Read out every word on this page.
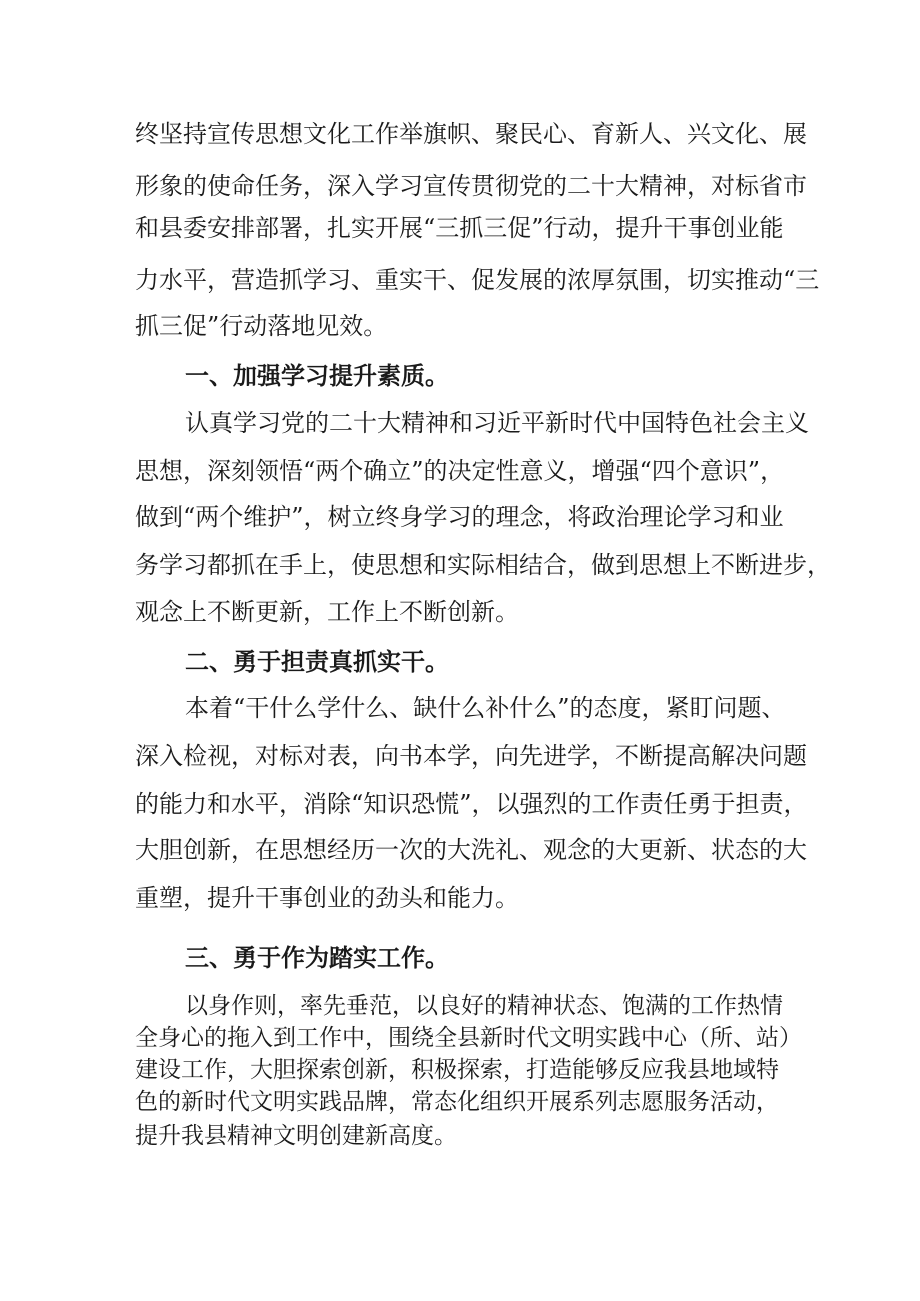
终坚持宣传思想文化工作举旗帜、聚民心、育新人、兴文化、展
形象的使命任务，深入学习宣传贯彻党的二十大精神，对标省市
和县委安排部署，扎实开展“三抓三促”行动，提升干事创业能
力水平，营造抓学习、重实干、促发展的浓厚氛围，切实推动“三
抓三促”行动落地见效。
一、加强学习提升素质。
认真学习党的二十大精神和习近平新时代中国特色社会主义
思想，深刻领悟“两个确立”的决定性意义，增强“四个意识”，
做到“两个维护”，树立终身学习的理念，将政治理论学习和业
务学习都抓在手上，使思想和实际相结合，做到思想上不断进步，
观念上不断更新，工作上不断创新。
二、勇于担责真抓实干。
本着“干什么学什么、缺什么补什么”的态度，紧盯问题、
深入检视，对标对表，向书本学，向先进学，不断提高解决问题
的能力和水平，消除“知识恐慌”，以强烈的工作责任勇于担责，
大胆创新，在思想经历一次的大洗礼、观念的大更新、状态的大
重塑，提升干事创业的劲头和能力。
三、勇于作为踏实工作。
以身作则，率先垂范，以良好的精神状态、饱满的工作热情
全身心的拖入到工作中，围绕全县新时代文明实践中心（所、站）
建设工作，大胆探索创新，积极探索，打造能够反应我县地域特
色的新时代文明实践品牌，常态化组织开展系列志愿服务活动，
提升我县精神文明创建新高度。
